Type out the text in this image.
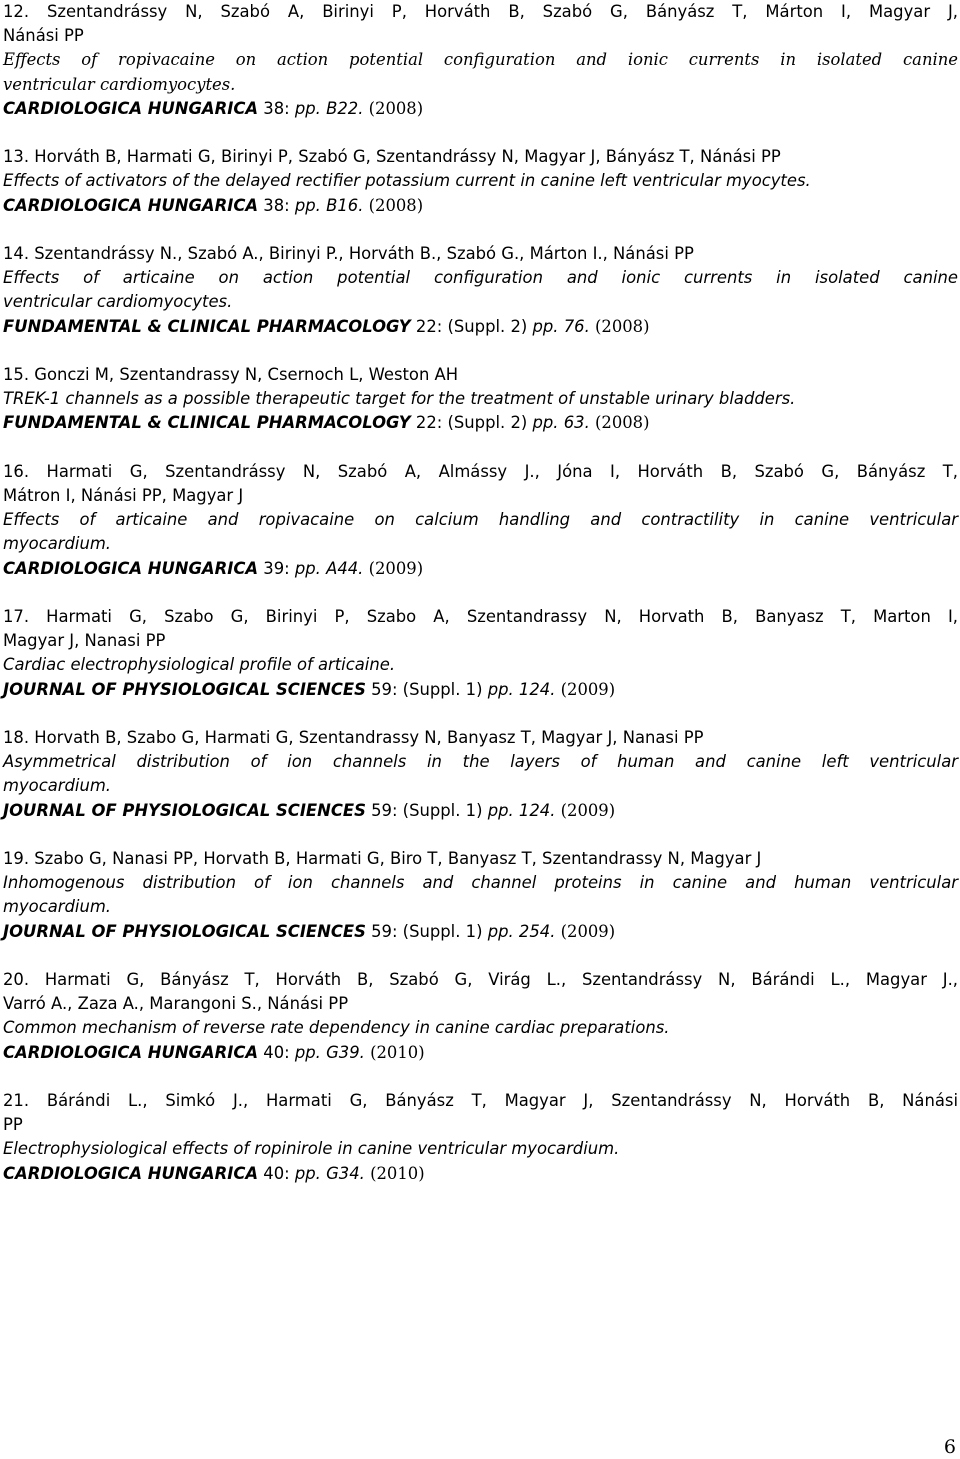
12. Szentandrássy N, Szabó A, Birinyi P, Horváth B, Szabó G, Bányász T, Márton I, Magyar J,
Nánási PP
Effects of ropivacaine on action potential configuration and ionic currents in isolated canine
ventricular cardiomyocytes.
CARDIOLOGICA HUNGARICA 38: pp. B22. (2008)
13. Horváth B, Harmati G, Birinyi P, Szabó G, Szentandrássy N, Magyar J, Bányász T, Nánási PP
Effects of activators of the delayed rectifier potassium current in canine left ventricular myocytes.
CARDIOLOGICA HUNGARICA 38: pp. B16. (2008)
14. Szentandrássy N., Szabó A., Birinyi P., Horváth B., Szabó G., Márton I., Nánási PP
Effects of articaine on action potential configuration and ionic currents in isolated canine
ventricular cardiomyocytes.
FUNDAMENTAL & CLINICAL PHARMACOLOGY 22: (Suppl. 2) pp. 76. (2008)
15. Gonczi M, Szentandrassy N, Csernoch L, Weston AH
TREK-1 channels as a possible therapeutic target for the treatment of unstable urinary bladders.
FUNDAMENTAL & CLINICAL PHARMACOLOGY 22: (Suppl. 2) pp. 63. (2008)
16. Harmati G, Szentandrássy N, Szabó A, Almássy J., Jóna I, Horváth B, Szabó G, Bányász T,
Mátron I, Nánási PP, Magyar J
Effects of articaine and ropivacaine on calcium handling and contractility in canine ventricular
myocardium.
CARDIOLOGICA HUNGARICA 39: pp. A44. (2009)
17. Harmati G, Szabo G, Birinyi P, Szabo A, Szentandrassy N, Horvath B, Banyasz T, Marton I,
Magyar J, Nanasi PP
Cardiac electrophysiological profile of articaine.
JOURNAL OF PHYSIOLOGICAL SCIENCES 59: (Suppl. 1) pp. 124. (2009)
18. Horvath B, Szabo G, Harmati G, Szentandrassy N, Banyasz T, Magyar J, Nanasi PP
Asymmetrical distribution of ion channels in the layers of human and canine left ventricular
myocardium.
JOURNAL OF PHYSIOLOGICAL SCIENCES 59: (Suppl. 1) pp. 124. (2009)
19. Szabo G, Nanasi PP, Horvath B, Harmati G, Biro T, Banyasz T, Szentandrassy N, Magyar J
Inhomogenous distribution of ion channels and channel proteins in canine and human ventricular
myocardium.
JOURNAL OF PHYSIOLOGICAL SCIENCES 59: (Suppl. 1) pp. 254. (2009)
20. Harmati G, Bányász T, Horváth B, Szabó G, Virág L., Szentandrássy N, Bárándi L., Magyar J.,
Varró A., Zaza A., Marangoni S., Nánási PP
Common mechanism of reverse rate dependency in canine cardiac preparations.
CARDIOLOGICA HUNGARICA 40: pp. G39. (2010)
21. Bárándi L., Simkó J., Harmati G, Bányász T, Magyar J, Szentandrássy N, Horváth B, Nánási
PP
Electrophysiological effects of ropinirole in canine ventricular myocardium.
CARDIOLOGICA HUNGARICA 40: pp. G34. (2010)
6
